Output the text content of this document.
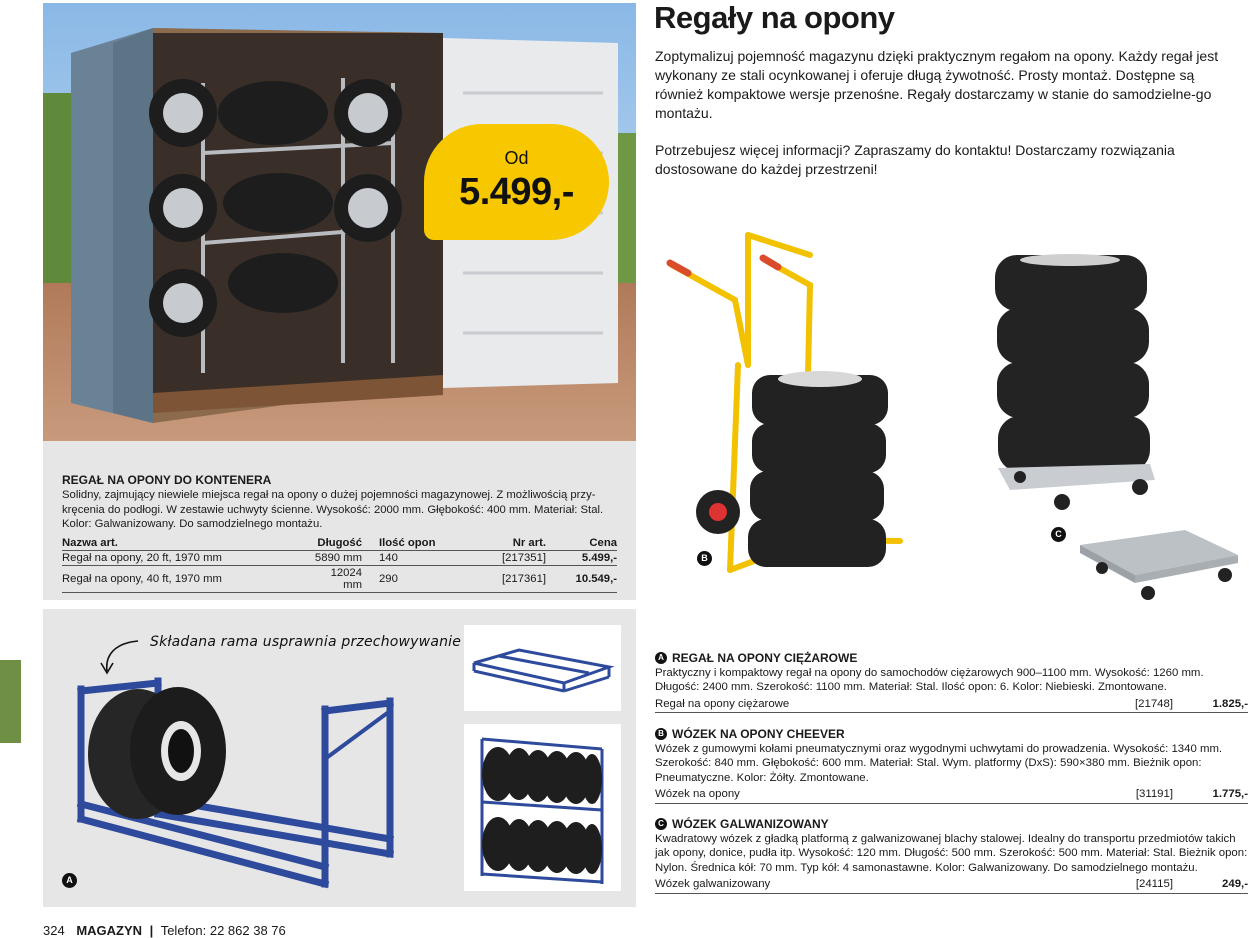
Od
5.499,-
REGAŁ NA OPONY DO KONTENERA
Solidny, zajmujący niewiele miejsca regał na opony o dużej pojemności magazynowej. Z możliwością przy-kręcenia do podłogi. W zestawie uchwyty ścienne. Wysokość: 2000 mm. Głębokość: 400 mm. Materiał: Stal. Kolor: Galwanizowany. Do samodzielnego montażu.
Nazwa art.	Długość	Ilość opon	Nr art.	Cena
Regał na opony, 20 ft, 1970 mm	5890 mm	140	[217351]	5.499,-
Regał na opony, 40 ft, 1970 mm	12024 mm	290	[217361]	10.549,-
Składana rama usprawnia przechowywanie
A
324 MAGAZYN | Telefon: 22 862 38 76
Regały na opony

Zoptymalizuj pojemność magazynu dzięki praktycznym regałom na opony. Każdy regał jest wykonany ze stali ocynkowanej i oferuje długą żywotność. Prosty montaż. Dostępne są również kompaktowe wersje przenośne. Regały dostarczamy w stanie do samodzielne-go montażu.

Potrzebujesz więcej informacji? Zapraszamy do kontaktu! Dostarczamy rozwiązania dostosowane do każdej przestrzeni!

B
C
A REGAŁ NA OPONY CIĘŻAROWE
Praktyczny i kompaktowy regał na opony do samochodów ciężarowych 900–1100 mm. Wysokość: 1260 mm. Długość: 2400 mm. Szerokość: 1100 mm. Materiał: Stal. Ilość opon: 6. Kolor: Niebieski. Zmontowane.
Regał na opony ciężarowe	[21748]	1.825,-
B WÓZEK NA OPONY CHEEVER
Wózek z gumowymi kołami pneumatycznymi oraz wygodnymi uchwytami do prowadzenia. Wysokość: 1340 mm. Szerokość: 840 mm. Głębokość: 600 mm. Materiał: Stal. Wym. platformy (DxS): 590×380 mm. Bieżnik opon: Pneumatyczne. Kolor: Żółty. Zmontowane.
Wózek na opony	[31191]	1.775,-
C WÓZEK GALWANIZOWANY
Kwadratowy wózek z gładką platformą z galwanizowanej blachy stalowej. Idealny do transportu przedmiotów takich jak opony, donice, pudła itp. Wysokość: 120 mm. Długość: 500 mm. Szerokość: 500 mm. Materiał: Stal. Bieżnik opon: Nylon. Średnica kół: 70 mm. Typ kół: 4 samonastawne. Kolor: Galwanizowany. Do samodzielnego montażu.
Wózek galwanizowany	[24115]	249,-
